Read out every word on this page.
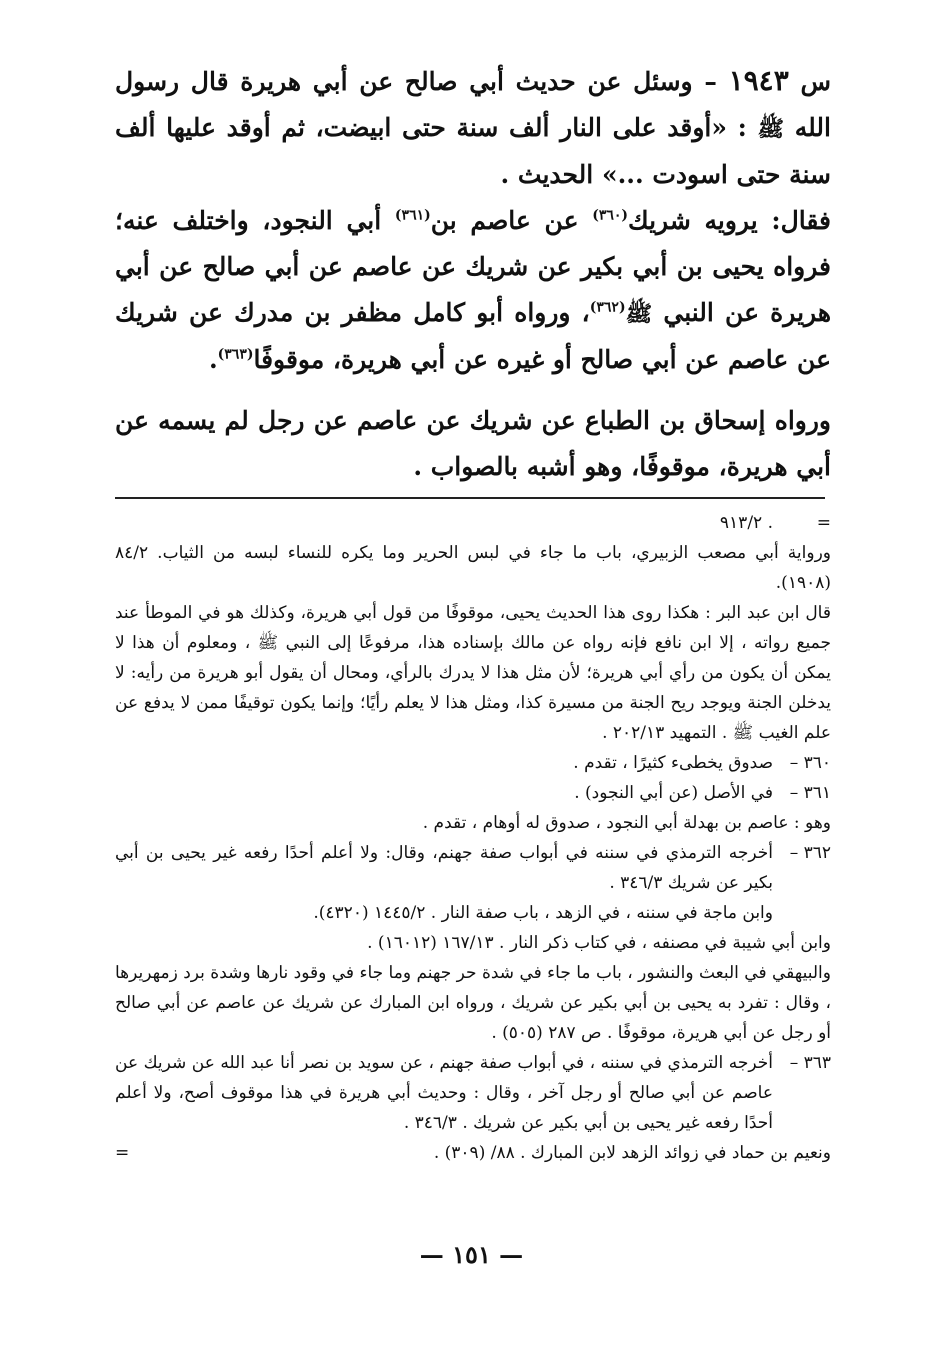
س ١٩٤٣ – وسئل عن حديث أبي صالح عن أبي هريرة قال رسول الله ﷺ : «أوقد على النار ألف سنة حتى ابيضت، ثم أوقد عليها ألف سنة حتى اسودت ...» الحديث .
فقال: يرويه شريك$^{(٣٦٠)}$ عن عاصم بن$^{(٣٦١)}$ أبي النجود، واختلف عنه؛ فرواه يحيى بن أبي بكير عن شريك عن عاصم عن أبي صالح عن أبي هريرة عن النبي ﷺ$^{(٣٦٢)}$، ورواه أبو كامل مظفر بن مدرك عن شريك عن عاصم عن أبي صالح أو غيره عن أبي هريرة، موقوفًا$^{(٣٦٣)}$.
ورواه إسحاق بن الطباع عن شريك عن عاصم عن رجل لم يسمه عن أبي هريرة، موقوفًا، وهو أشبه بالصواب .
=
. ٩١٣/٢
ورواية أبي مصعب الزبيري، باب ما جاء في لبس الحرير وما يكره للنساء لبسه من الثياب. ٨٤/٢ (١٩٠٨).
قال ابن عبد البر : هكذا روى هذا الحديث يحيى، موقوفًا من قول أبي هريرة، وكذلك هو في الموطأ عند جميع رواته ، إلا ابن نافع فإنه رواه عن مالك بإسناده هذا، مرفوعًا إلى النبي ﷺ ، ومعلوم أن هذا لا يمكن أن يكون من رأي أبي هريرة؛ لأن مثل هذا لا يدرك بالرأي، ومحال أن يقول أبو هريرة من رأيه: لا يدخلن الجنة ويوجد ريح الجنة من مسيرة كذا، ومثل هذا لا يعلم رأيًا؛ وإنما يكون توقيفًا ممن لا يدفع عن علم الغيب ﷺ . التمهيد ٢٠٢/١٣ .
٣٦٠ –
صدوق يخطىء كثيرًا ، تقدم .
٣٦١ –
في الأصل (عن أبي النجود) .
وهو : عاصم بن بهدلة أبي النجود ، صدوق له أوهام ، تقدم .
٣٦٢ –
أخرجه الترمذي في سننه في أبواب صفة جهنم، وقال: ولا أعلم أحدًا رفعه غير يحيى بن أبي بكير عن شريك ٣٤٦/٣ .
وابن ماجة في سننه ، في الزهد ، باب صفة النار . ١٤٤٥/٢ (٤٣٢٠).
وابن أبي شيبة في مصنفه ، في كتاب ذكر النار . ١٦٧/١٣ (١٦٠١٢) .
والبيهقي في البعث والنشور ، باب ما جاء في شدة حر جهنم وما جاء في وقود نارها وشدة برد زمهريرها ، وقال : تفرد به يحيى بن أبي بكير عن شريك ، ورواه ابن المبارك عن شريك عن عاصم عن أبي صالح أو رجل عن أبي هريرة، موقوفًا . ص ٢٨٧ (٥٠٥) .
٣٦٣ –
أخرجه الترمذي في سننه ، في أبواب صفة جهنم ، عن سويد بن نصر أنا عبد الله عن شريك عن عاصم عن أبي صالح أو رجل آخر ، وقال : وحديث أبي هريرة في هذا موقوف أصح، ولا أعلم أحدًا رفعه غير يحيى بن أبي بكير عن شريك . ٣٤٦/٣ .
ونعيم بن حماد في زوائد الزهد لابن المبارك . ٨٨/ (٣٠٩) .
=
— ١٥١ —
